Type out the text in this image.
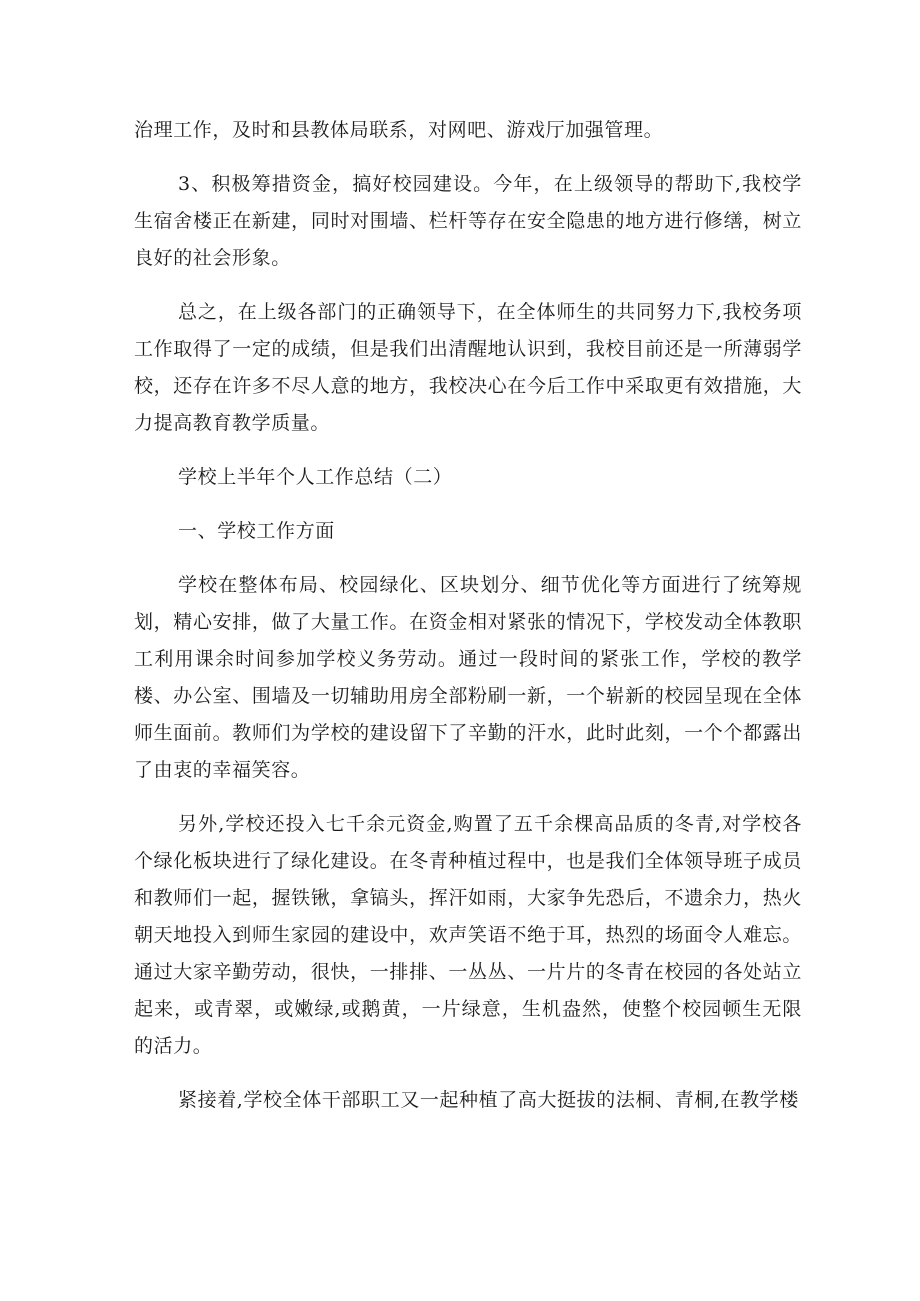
治理工作，及时和县教体局联系，对网吧、游戏厅加强管理。

3、积极筹措资金，搞好校园建设。今年，在上级领导的帮助下,我校学生宿舍楼正在新建，同时对围墙、栏杆等存在安全隐患的地方进行修缮，树立良好的社会形象。

总之，在上级各部门的正确领导下，在全体师生的共同努力下,我校务项工作取得了一定的成绩，但是我们出清醒地认识到，我校目前还是一所薄弱学校，还存在许多不尽人意的地方，我校决心在今后工作中采取更有效措施，大力提高教育教学质量。

学校上半年个人工作总结（二）

一、学校工作方面

学校在整体布局、校园绿化、区块划分、细节优化等方面进行了统筹规划，精心安排，做了大量工作。在资金相对紧张的情况下，学校发动全体教职工利用课余时间参加学校义务劳动。通过一段时间的紧张工作，学校的教学楼、办公室、围墙及一切辅助用房全部粉刷一新，一个崭新的校园呈现在全体师生面前。教师们为学校的建设留下了辛勤的汗水，此时此刻，一个个都露出了由衷的幸福笑容。

另外,学校还投入七千余元资金,购置了五千余棵高品质的冬青,对学校各个绿化板块进行了绿化建设。在冬青种植过程中，也是我们全体领导班子成员和教师们一起，握铁锹，拿镐头，挥汗如雨，大家争先恐后，不遗余力，热火朝天地投入到师生家园的建设中，欢声笑语不绝于耳，热烈的场面令人难忘。通过大家辛勤劳动，很快，一排排、一丛丛、一片片的冬青在校园的各处站立起来，或青翠，或嫩绿,或鹅黄，一片绿意，生机盎然，使整个校园顿生无限的活力。

紧接着,学校全体干部职工又一起种植了高大挺拔的法桐、青桐,在教学楼
